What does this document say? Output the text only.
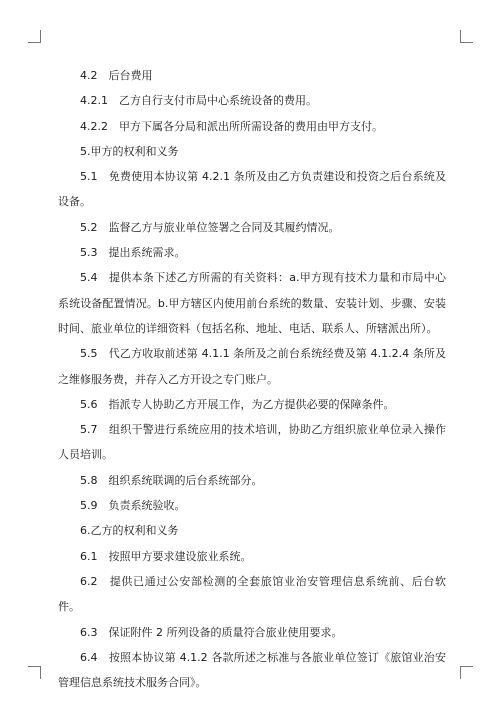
4.2　后台费用

4.2.1　乙方自行支付市局中心系统设备的费用。

4.2.2　甲方下属各分局和派出所所需设备的费用由甲方支付。

5.甲方的权利和义务

5.1　免费使用本协议第 4.2.1 条所及由乙方负责建设和投资之后台系统及设备。

5.2　监督乙方与旅业单位签署之合同及其履约情况。

5.3　提出系统需求。

5.4　提供本条下述乙方所需的有关资料：a.甲方现有技术力量和市局中心系统设备配置情况。b.甲方辖区内使用前台系统的数量、安装计划、步骤、安装时间、旅业单位的详细资料（包括名称、地址、电话、联系人、所辖派出所）。

5.5　代乙方收取前述第 4.1.1 条所及之前台系统经费及第 4.1.2.4 条所及之维修服务费，并存入乙方开设之专门账户。

5.6　指派专人协助乙方开展工作，为乙方提供必要的保障条件。

5.7　组织干警进行系统应用的技术培训，协助乙方组织旅业单位录入操作人员培训。

5.8　组织系统联调的后台系统部分。

5.9　负责系统验收。

6.乙方的权利和义务

6.1　按照甲方要求建设旅业系统。

6.2　提供已通过公安部检测的全套旅馆业治安管理信息系统前、后台软件。

6.3　保证附件 2 所列设备的质量符合旅业使用要求。

6.4　按照本协议第 4.1.2 各款所述之标准与各旅业单位签订《旅馆业治安管理信息系统技术服务合同》。
